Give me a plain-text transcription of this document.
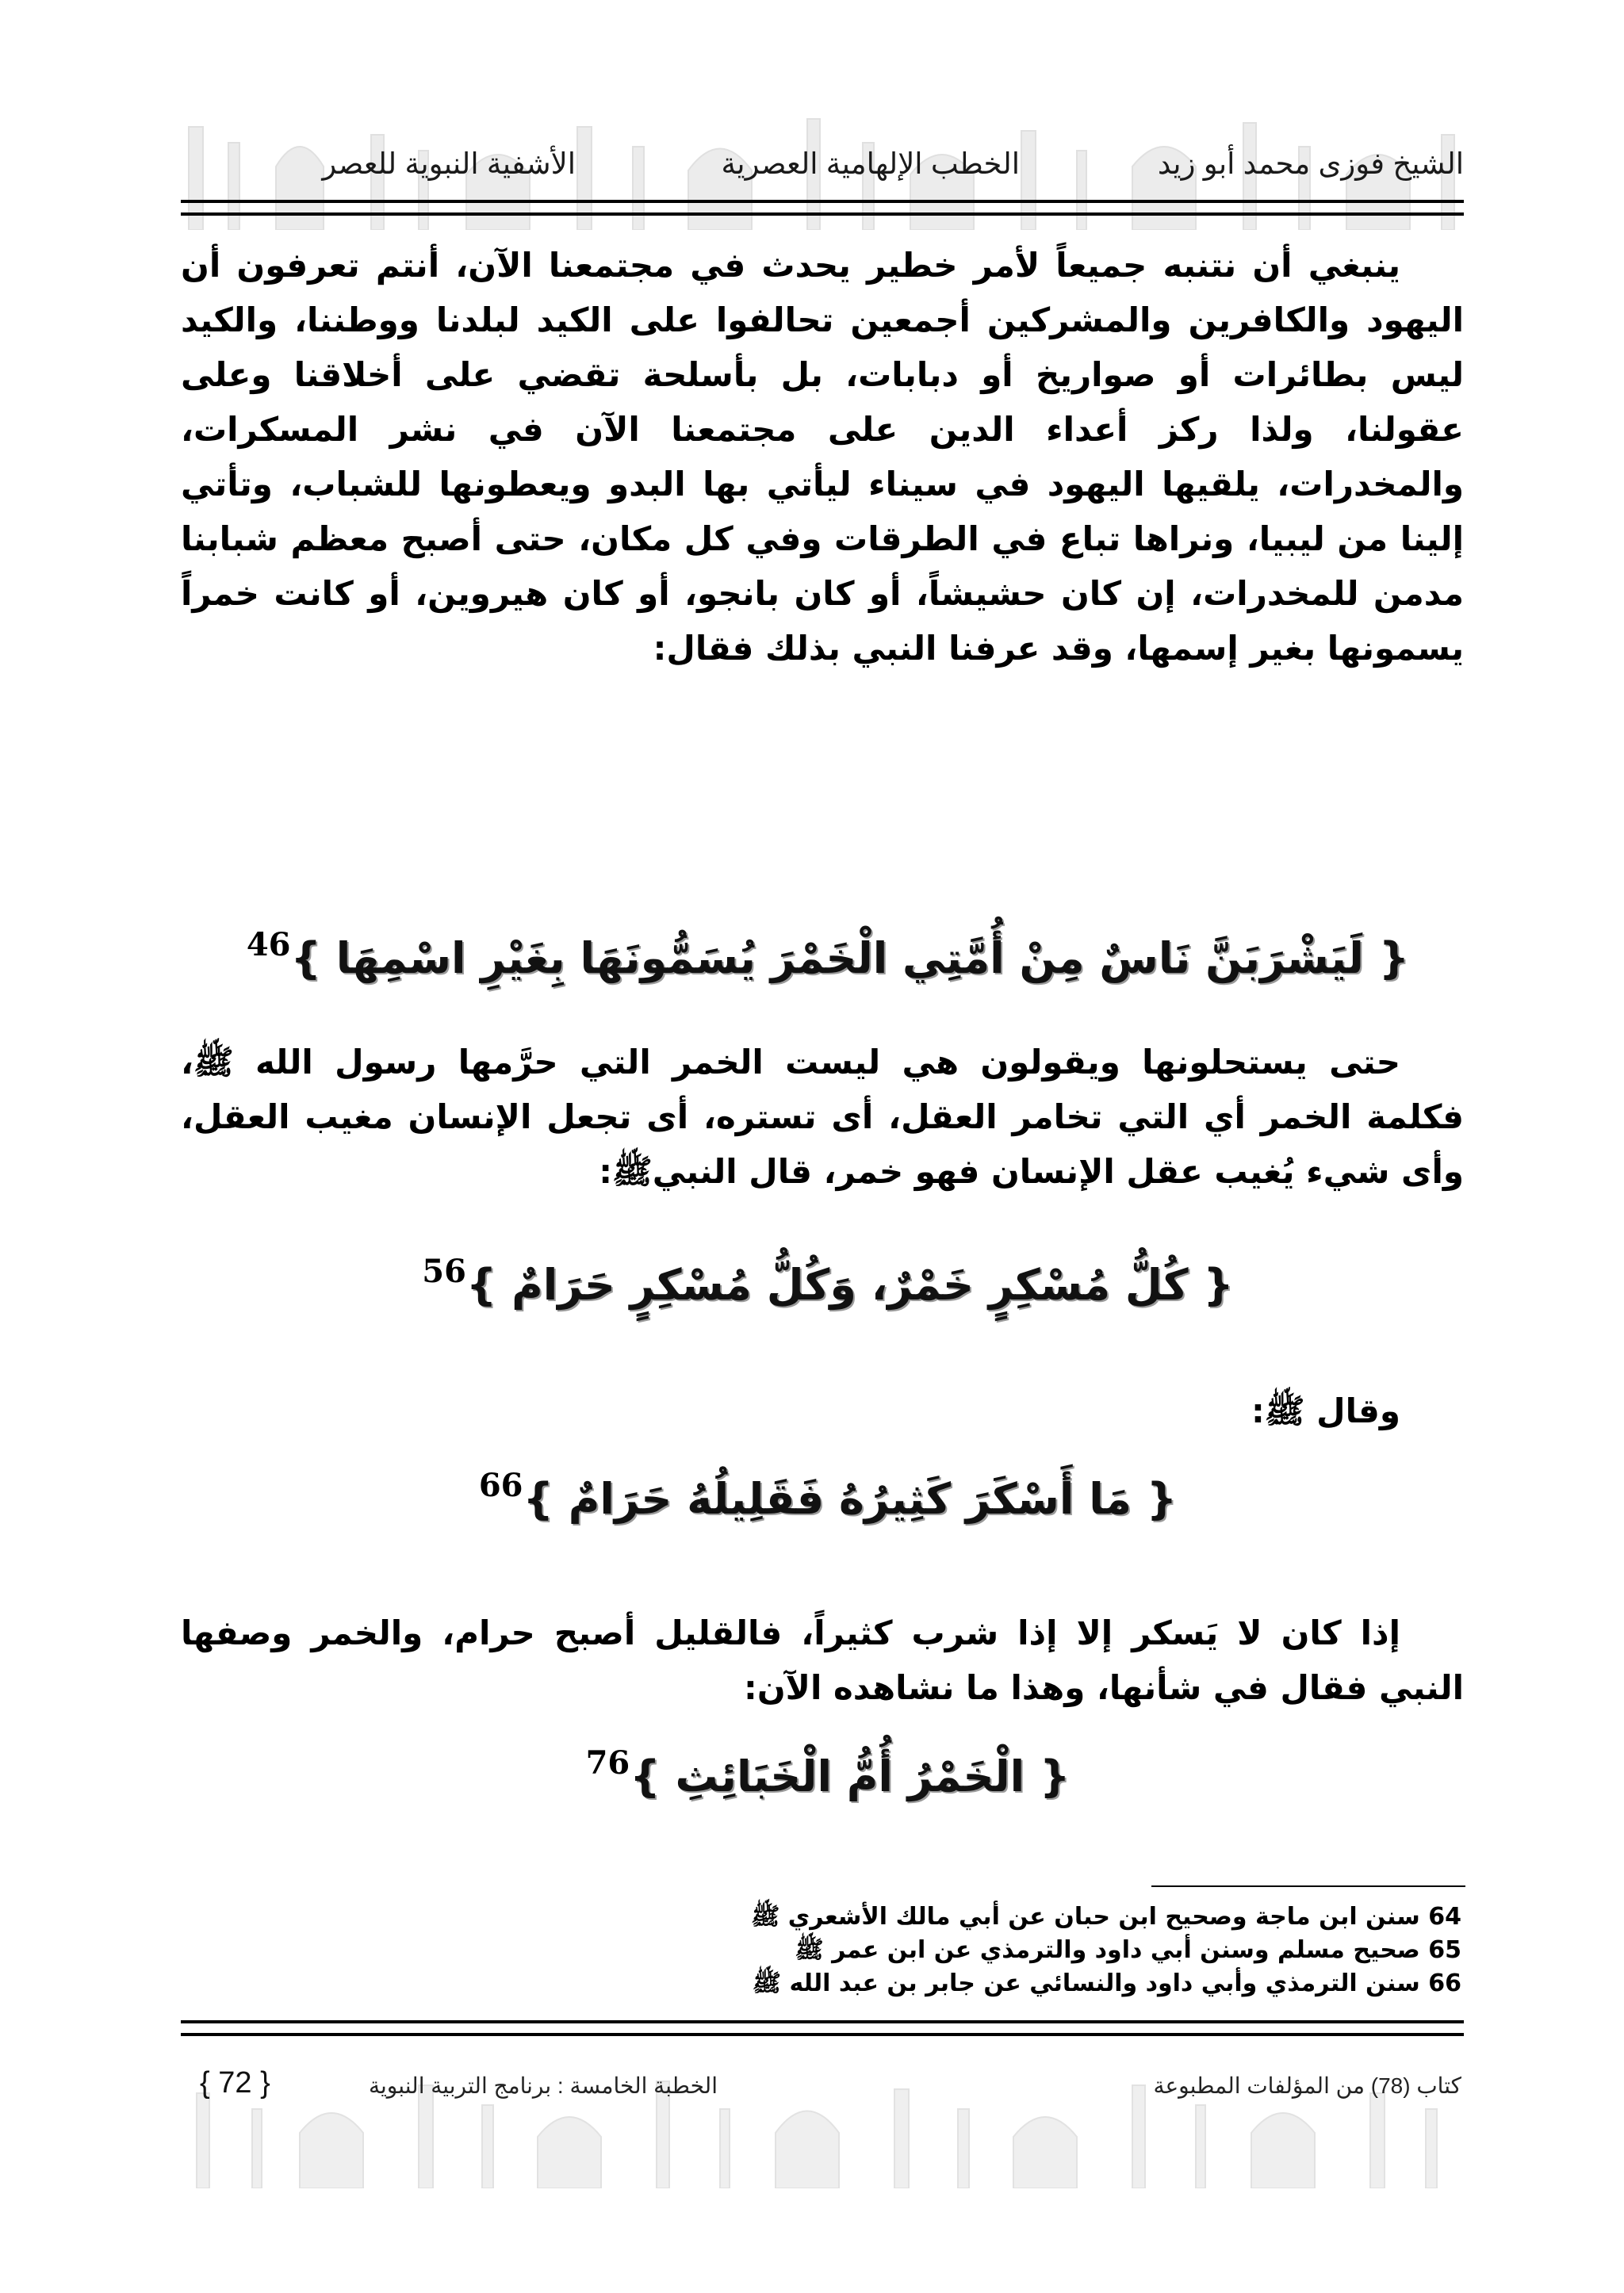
الشيخ فوزى محمد أبو زيد
الخطب الإلهامية العصرية
الأشفية النبوية للعصر

ينبغي أن نتنبه جميعاً لأمر خطير يحدث في مجتمعنا الآن، أنتم تعرفون أن اليهود والكافرين والمشركين أجمعين تحالفوا على الكيد لبلدنا ووطننا، والكيد ليس بطائرات أو صواريخ أو دبابات، بل بأسلحة تقضي على أخلاقنا وعلى عقولنا، ولذا ركز أعداء الدين على مجتمعنا الآن في نشر المسكرات، والمخدرات، يلقيها اليهود في سيناء ليأتي بها البدو ويعطونها للشباب، وتأتي إلينا من ليبيا، ونراها تباع في الطرقات وفي كل مكان، حتى أصبح معظم شبابنا مدمن للمخدرات، إن كان حشيشاً، أو كان بانجو، أو كان هيروين، أو كانت خمراً يسمونها بغير إسمها، وقد عرفنا النبي بذلك فقال:

{ لَيَشْرَبَنَّ نَاسٌ مِنْ أُمَّتِي الْخَمْرَ يُسَمُّونَهَا بِغَيْرِ اسْمِهَا }$^{46}$

حتى يستحلونها ويقولون هي ليست الخمر التي حرَّمها رسول الله ﷺ، فكلمة الخمر أي التي تخامر العقل، أى تستره، أى تجعل الإنسان مغيب العقل، وأى شيء يُغيب عقل الإنسان فهو خمر، قال النبيﷺ:

{ كُلُّ مُسْكِرٍ خَمْرٌ، وَكُلُّ مُسْكِرٍ حَرَامٌ }$^{56}$

وقال ﷺ:

{ مَا أَسْكَرَ كَثِيرُهُ فَقَلِيلُهُ حَرَامٌ }$^{66}$

إذا كان لا يَسكر إلا إذا شرب كثيراً، فالقليل أصبح حرام، والخمر وصفها النبي فقال في شأنها، وهذا ما نشاهده الآن:

{ الْخَمْرُ أُمُّ الْخَبَائِثِ }$^{76}$
64 سنن ابن ماجة وصحيح ابن حبان عن أبي مالك الأشعري ﷺ
65 صحيح مسلم وسنن أبي داود والترمذي عن ابن عمر ﷺ
66 سنن الترمذي وأبي داود والنسائي عن جابر بن عبد الله ﷺ
كتاب (78) من المؤلفات المطبوعة
الخطبة الخامسة : برنامج التربية النبوية
{ 72 }
